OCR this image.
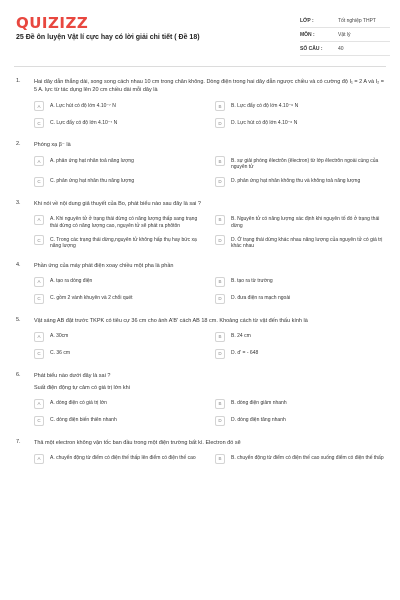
QUIZIZZ
25 Đề ôn luyện Vật lí cực hay có lời giải chi tiết ( Đề 18)
LỚP :	Tốt nghiệp THPT
MÔN :	Vật lý
SỐ CÂU :	40
1. Hai dây dẫn thẳng dài, song song cách nhau 10 cm trong chân không. Dòng điện trong hai dây dẫn ngược chiều và có cường độ I₁ = 2 A và I₂ = 5 A. lực từ tác dụng lên 20 cm chiều dài mỗi dây là
A	A. Lực hút có độ lớn 4.10⁻⁷ N	B	B. Lực đẩy có độ lớn 4.10⁻⁶ N
C	C. Lực đẩy có độ lớn 4.10⁻⁷ N	D	D. Lực hút có độ lớn 4.10⁻⁶ N
2. Phóng xạ β⁻ là
A	A. phản ứng hạt nhân toả năng lượng	B	B. sự giải phóng êlectrôn (êlectron) từ lớp êlectrôn ngoài cùng của nguyên tử
C	C. phản ứng hạt nhân thu năng lượng	D	D. phản ứng hạt nhân không thu và không toả năng lượng
3. Khi nói về nội dung giả thuyết của Bo, phát biểu nào sau đây là sai ?
A	A. Khi nguyên tử ở trạng thái dừng có năng lượng thấp sang trạng thái dừng có năng lượng cao, nguyên tử sẽ phát ra phôtôn
B	B. Nguyên tử có năng lượng xác định khi nguyên tố đó ở trạng thái dừng
C	C. Trong các trạng thái dừng,nguyên tử không hấp thụ hay bức xạ năng lượng
D	D. Ở trạng thái dừng khác nhau năng lượng của nguyên tử có giá trị khác nhau
4. Phần ứng của máy phát điện xoay chiều một pha là phần
A	A. tạo ra dòng điện	B	B. tạo ra từ trường
C	C. gồm 2 vành khuyên và 2 chổi quét	D	D. đưa điện ra mạch ngoài
5. Vật sáng AB đặt trước TKPK có tiêu cự 36 cm cho ảnh A'B' cách AB 18 cm. Khoảng cách từ vật đến thấu kính là
A	A. 30cm	B	B. 24 cm
C	C. 36 cm	D	D. d' = - 648
6. Phát biểu nào dưới đây là sai ?
Suất điện động tự cảm có giá trị lớn khi
A	A. dòng điện có giá trị lớn	B	B. dòng điện giảm nhanh
C	C. dòng điện biến thiên nhanh	D	D. dòng điện tăng nhanh
7. Thả một electron không vận tốc ban đầu trong một điện trường bất kì. Electron đó sẽ
A	A. chuyển động từ điểm có điện thế thấp lên điểm có điện thế cao	B	B. chuyển động từ điểm có điện thế cao xuống điểm có điện thế thấp
